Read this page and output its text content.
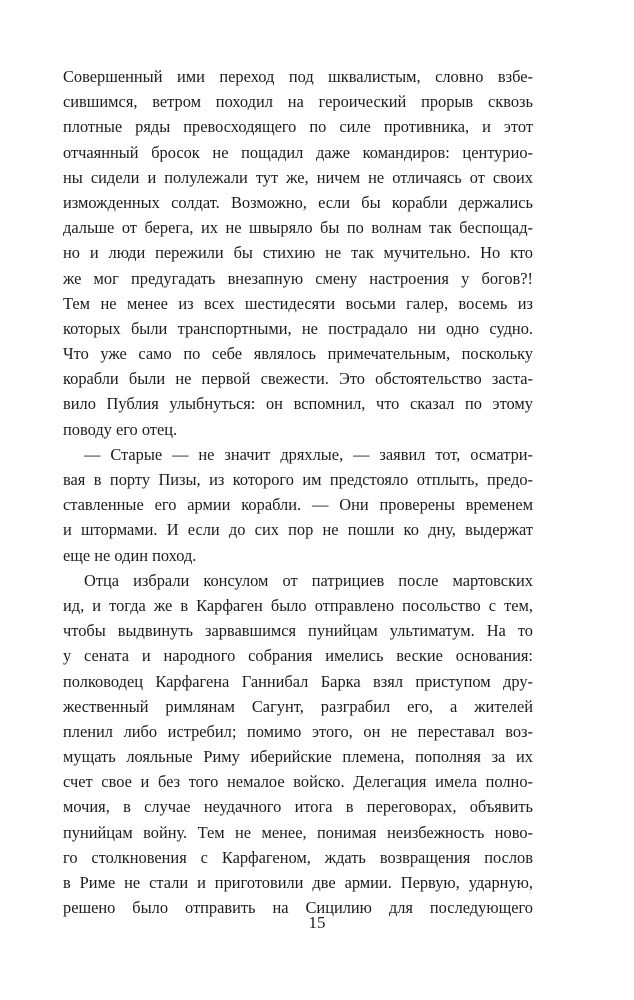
Совершенный ими переход под шквалистым, словно взбе-
сившимся, ветром походил на героический прорыв сквозь
плотные ряды превосходящего по силе противника, и этот
отчаянный бросок не пощадил даже командиров: центурио-
ны сидели и полулежали тут же, ничем не отличаясь от своих
изможденных солдат. Возможно, если бы корабли держались
дальше от берега, их не швыряло бы по волнам так беспощад-
но и люди пережили бы стихию не так мучительно. Но кто
же мог предугадать внезапную смену настроения у богов?!
Тем не менее из всех шестидесяти восьми галер, восемь из
которых были транспортными, не пострадало ни одно судно.
Что уже само по себе являлось примечательным, поскольку
корабли были не первой свежести. Это обстоятельство заста-
вило Публия улыбнуться: он вспомнил, что сказал по этому
поводу его отец.
— Старые — не значит дряхлые, — заявил тот, осматри-
вая в порту Пизы, из которого им предстояло отплыть, предо-
ставленные его армии корабли. — Они проверены временем
и штормами. И если до сих пор не пошли ко дну, выдержат
еще не один поход.
Отца избрали консулом от патрициев после мартовских
ид, и тогда же в Карфаген было отправлено посольство с тем,
чтобы выдвинуть зарвавшимся пунийцам ультиматум. На то
у сената и народного собрания имелись веские основания:
полководец Карфагена Ганнибал Барка взял приступом дру-
жественный римлянам Сагунт, разграбил его, а жителей
пленил либо истребил; помимо этого, он не переставал воз-
мущать лояльные Риму иберийские племена, пополняя за их
счет свое и без того немалое войско. Делегация имела полно-
мочия, в случае неудачного итога в переговорах, объявить
пунийцам войну. Тем не менее, понимая неизбежность ново-
го столкновения с Карфагеном, ждать возвращения послов
в Риме не стали и приготовили две армии. Первую, ударную,
решено было отправить на Сицилию для последующего
15
